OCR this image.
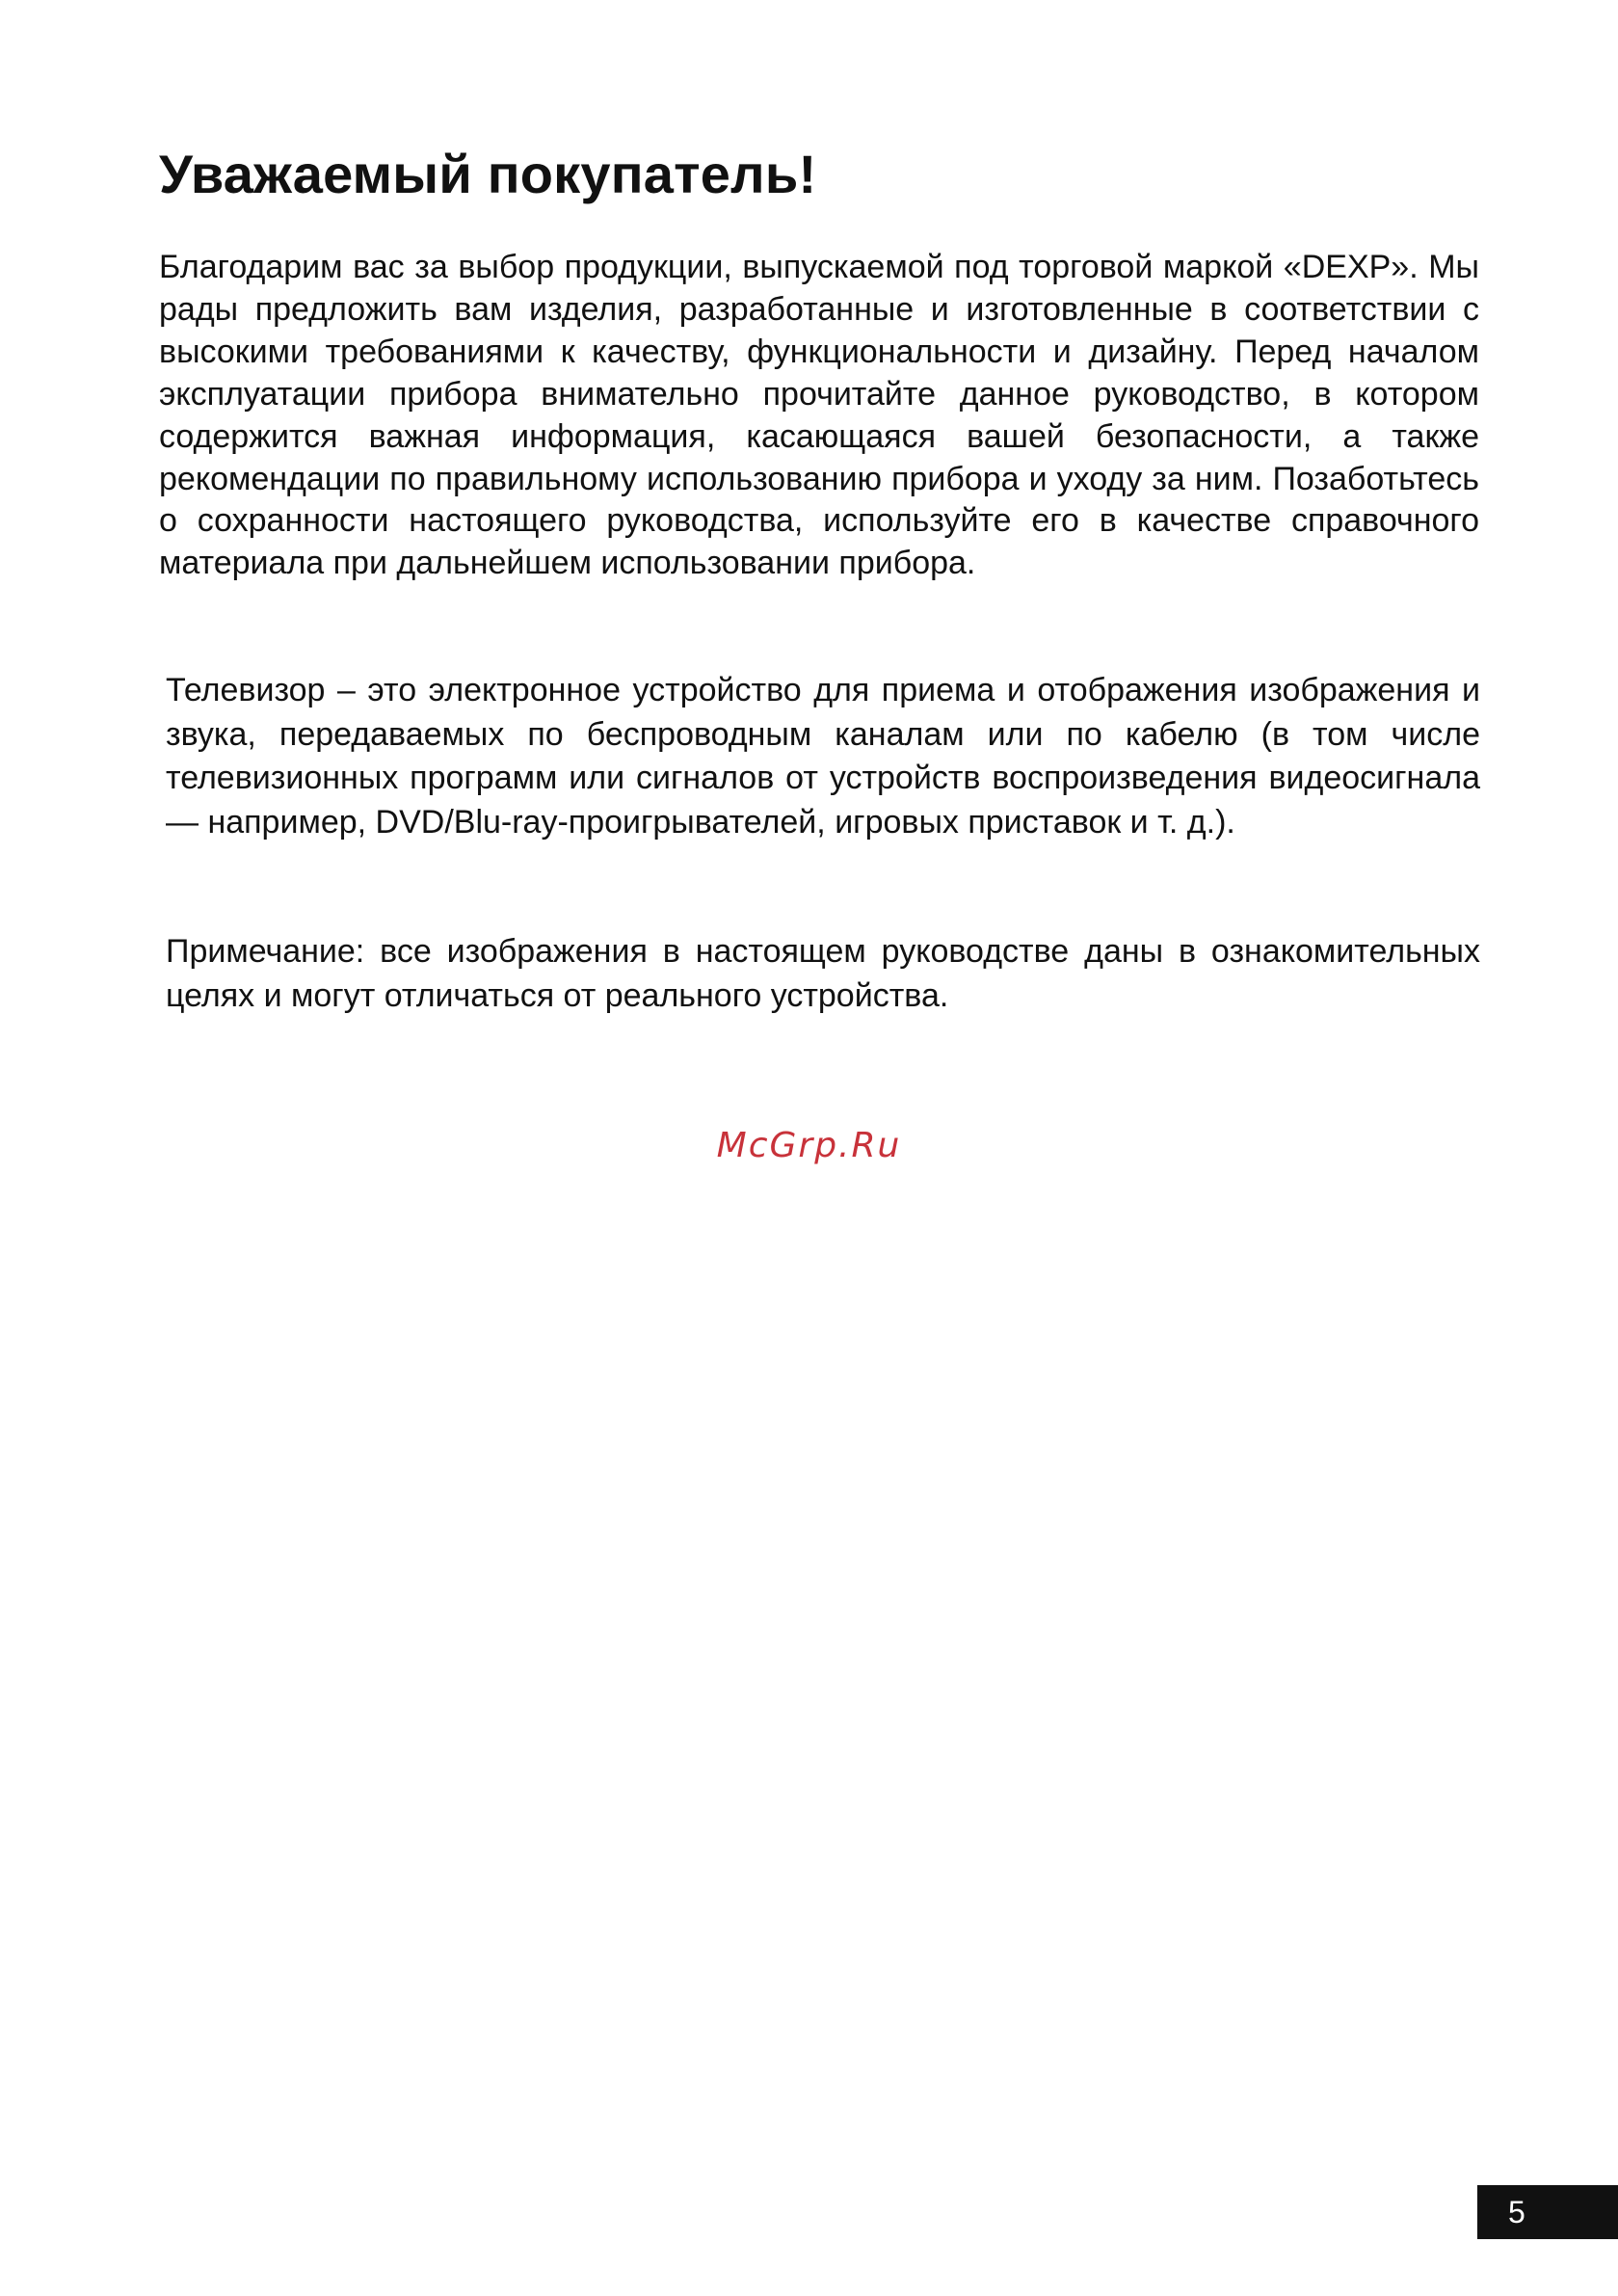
Уважаемый покупатель!

Благодарим вас за выбор продукции, выпускаемой под торговой маркой «DEXP». Мы рады предложить вам изделия, разработанные и изготовленные в соответствии с высокими требованиями к качеству, функциональности и дизайну. Перед началом эксплуатации прибора внимательно прочитайте данное руководство, в котором содержится важная информация, касающаяся вашей безопасности, а также рекомендации по правильному использованию прибора и уходу за ним. Позаботьтесь о сохранности настоящего руководства, используйте его в качестве справочного материала при дальнейшем использовании прибора.

Телевизор – это электронное устройство для приема и отображения изображения и звука, передаваемых по беспроводным каналам или по кабелю (в том числе телевизионных программ или сигналов от устройств воспроизведения видеосигнала — например, DVD/Blu-ray-проигрывателей, игровых приставок и т. д.).

Примечание: все изображения в настоящем руководстве даны в ознакомительных целях и могут отличаться от реального устройства.

McGrp.Ru
5
